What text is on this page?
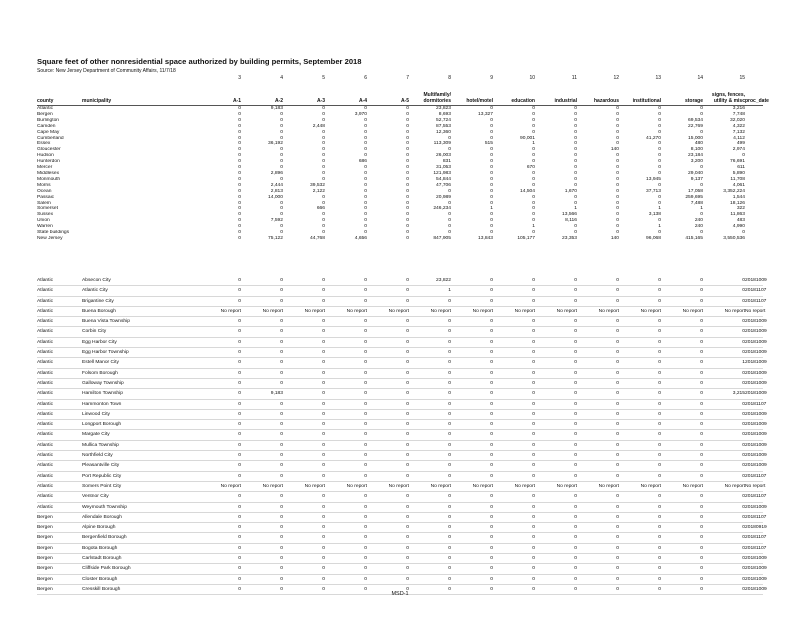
Square feet of other nonresidential space authorized by building permits, September 2018
Source: New Jersey Department of Community Affairs, 11/7/18
		3	4	5	6	7	8	9	10	11	12	13	14	15	
county	municipality	A-1	A-2	A-3	A-4	A-5	Multifamily/
dormitories	hotel/motel	education	industrial	hazardous	institutional	storage	signs, fences,
utility & misc	proc_date
Atlantic		0	9,183	0	0	0	23,823	0	0	0	0	0	0	3,216	
Bergen		0	0	0	3,970	0	8,693	13,327	0	0	0	0	0	7,748	
Burlington		0	0	0	0	0	52,724	0	0	0	0	0	69,534	32,020	
Camden		0	0	2,448	0	0	87,553	0	0	0	0	0	22,769	4,322	
Cape May		0	0	0	0	0	12,360	0	0	0	0	0	0	7,132	
Cumberland		0	0	0	0	0	0	0	90,001	0	0	41,270	15,000	4,112	
Essex		0	36,192	0	0	0	113,309	515	1	0	0	0	480	499	
Gloucester		0	0	0	0	0	0	0	0	0	140	0	8,100	2,974	
Hudson		0	0	0	0	0	26,003	0	0	0	0	0	23,184	0	
Hunterdon		0	0	0	686	0	831	0	0	0	0	0	3,200	76,691	
Mercer		0	0	0	0	0	31,053	0	670	0	0	0	0	611	
Middlesex		0	2,896	0	0	0	121,983	0	0	0	0	0	29,040	5,890	
Monmouth		0	0	0	0	0	54,844	0	0	0	0	13,945	9,137	11,708	
Morris		0	2,444	39,532	0	0	47,706	0	0	0	0	0	0	4,061	
Ocean		0	2,813	2,122	0	0	0	0	14,504	1,670	0	37,713	17,058	3,352,224	
Passaic		0	14,000	0	0	0	20,989	0	0	0	0	0	259,695	1,544	
Salem		0	0	0	0	0	0	0	0	0	0	0	7,488	18,126	
Somerset		0	0	666	0	0	246,234	1	0	1	0	1	1	322	
Sussex		0	0	0	0	0	0	0	0	13,566	0	3,138	0	11,863	
Union		0	7,592	0	0	0	0	0	0	8,116	0	0	240	483	
Warren		0	0	0	0	0	0	0	1	0	0	1	240	4,990	
State buildings		0	0	0	0	0	0	0	0	0	0	0	0	0	
New Jersey		0	75,122	44,768	4,656	0	847,905	13,843	105,177	23,353	140	96,068	415,165	3,550,536	
Atlantic	Absecon City	0	0	0	0	0	23,822	0	0	0	0	0	0	0	20181009
Atlantic	Atlantic City	0	0	0	0	0	1	0	0	0	0	0	0	0	20181107
Atlantic	Brigantine City	0	0	0	0	0	0	0	0	0	0	0	0	0	20181107
Atlantic	Buena Borough	No report	No report	No report	No report	No report	No report	No report	No report	No report	No report	No report	No report	No report	No report
Atlantic	Buena Vista Township	0	0	0	0	0	0	0	0	0	0	0	0	0	20181009
Atlantic	Corbin City	0	0	0	0	0	0	0	0	0	0	0	0	0	20181009
Atlantic	Egg Harbor City	0	0	0	0	0	0	0	0	0	0	0	0	0	20181009
Atlantic	Egg Harbor Township	0	0	0	0	0	0	0	0	0	0	0	0	0	20181009
Atlantic	Estell Manor City	0	0	0	0	0	0	0	0	0	0	0	0	1	20181009
Atlantic	Folsom Borough	0	0	0	0	0	0	0	0	0	0	0	0	0	20181009
Atlantic	Galloway Township	0	0	0	0	0	0	0	0	0	0	0	0	0	20181009
Atlantic	Hamilton Township	0	9,183	0	0	0	0	0	0	0	0	0	0	3,215	20181009
Atlantic	Hammonton Town	0	0	0	0	0	0	0	0	0	0	0	0	0	20181107
Atlantic	Linwood City	0	0	0	0	0	0	0	0	0	0	0	0	0	20181009
Atlantic	Longport Borough	0	0	0	0	0	0	0	0	0	0	0	0	0	20181009
Atlantic	Margate City	0	0	0	0	0	0	0	0	0	0	0	0	0	20181009
Atlantic	Mullica Township	0	0	0	0	0	0	0	0	0	0	0	0	0	20181009
Atlantic	Northfield City	0	0	0	0	0	0	0	0	0	0	0	0	0	20181009
Atlantic	Pleasantville City	0	0	0	0	0	0	0	0	0	0	0	0	0	20181009
Atlantic	Port Republic City	0	0	0	0	0	0	0	0	0	0	0	0	0	20181107
Atlantic	Somers Point City	No report	No report	No report	No report	No report	No report	No report	No report	No report	No report	No report	No report	No report	No report
Atlantic	Ventnor City	0	0	0	0	0	0	0	0	0	0	0	0	0	20181107
Atlantic	Weymouth Township	0	0	0	0	0	0	0	0	0	0	0	0	0	20181009
Bergen	Allendale Borough	0	0	0	0	0	0	0	0	0	0	0	0	0	20181107
Bergen	Alpine Borough	0	0	0	0	0	0	0	0	0	0	0	0	0	20180919
Bergen	Bergenfield Borough	0	0	0	0	0	0	0	0	0	0	0	0	0	20181107
Bergen	Bogota Borough	0	0	0	0	0	0	0	0	0	0	0	0	0	20181107
Bergen	Carlstadt Borough	0	0	0	0	0	0	0	0	0	0	0	0	0	20181009
Bergen	Cliffside Park Borough	0	0	0	0	0	0	0	0	0	0	0	0	0	20181009
Bergen	Closter Borough	0	0	0	0	0	0	0	0	0	0	0	0	0	20181009
Bergen	Cresskill Borough	0	0	0	0	0	0	0	0	0	0	0	0	0	20181009
MSD-1
